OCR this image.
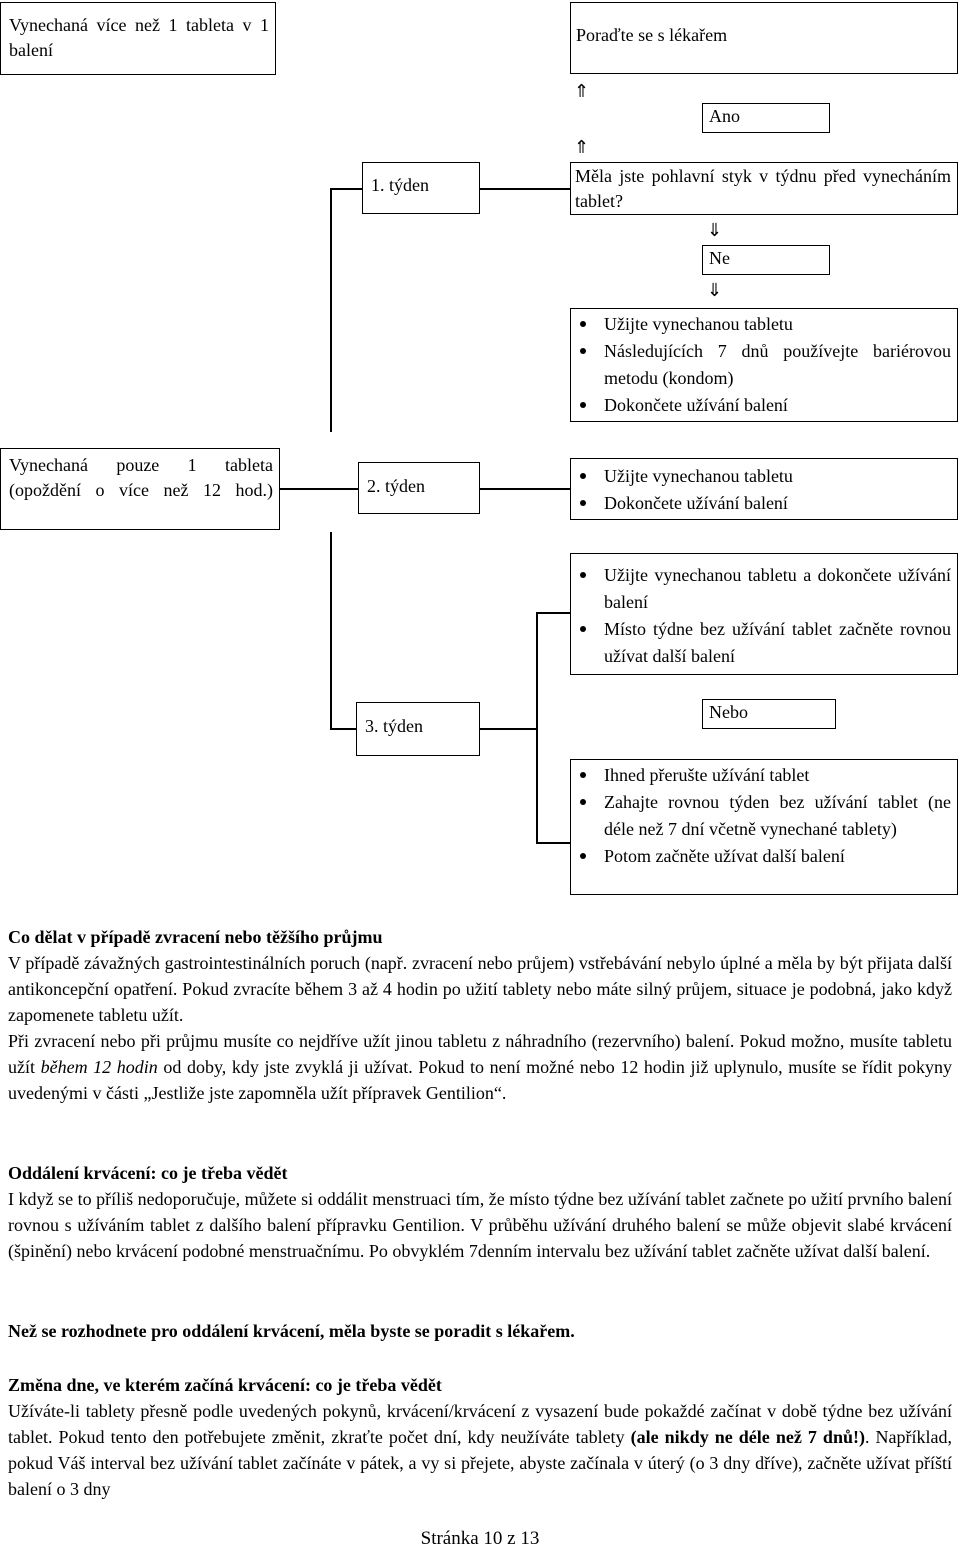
Vynechaná více než 1 tableta v 1 balení
Vynechaná pouze 1 tableta (opoždění o více než 12 hod.)
Poraďte se s lékařem
⇑
Ano
⇑
1. týden	Měla jste pohlavní styk v týdnu před vynecháním tablet?
⇓
Ne
⇓
Užijte vynechanou tabletu
Následujících 7 dnů používejte bariérovou metodu (kondom)
Dokončete užívání balení
2. týden	Užijte vynechanou tabletu
Dokončete užívání balení
Užijte vynechanou tabletu a dokončete užívání balení
Místo týdne bez užívání tablet začněte rovnou užívat další balení
3. týden
Nebo
Ihned přerušte užívání tablet
Zahajte rovnou týden bez užívání tablet (ne déle než 7 dní včetně vynechané tablety)
Potom začněte užívat další balení

Co dělat v případě zvracení nebo těžšího průjmu

V případě závažných gastrointestinálních poruch (např. zvracení nebo průjem) vstřebávání nebylo úplné a měla by být přijata další antikoncepční opatření. Pokud zvracíte během 3 až 4 hodin po užití tablety nebo máte silný průjem, situace je podobná, jako když zapomenete tabletu užít.

Při zvracení nebo při průjmu musíte co nejdříve užít jinou tabletu z náhradního (rezervního) balení. Pokud možno, musíte tabletu užít během 12 hodin od doby, kdy jste zvyklá ji užívat. Pokud to není možné nebo 12 hodin již uplynulo, musíte se řídit pokyny uvedenými v části „Jestliže jste zapomněla užít přípravek Gentilion“.

Oddálení krvácení: co je třeba vědět

I když se to příliš nedoporučuje, můžete si oddálit menstruaci tím, že místo týdne bez užívání tablet začnete po užití prvního balení rovnou s užíváním tablet z dalšího balení přípravku Gentilion. V průběhu užívání druhého balení se může objevit slabé krvácení (špinění) nebo krvácení podobné menstruačnímu. Po obvyklém 7denním intervalu bez užívání tablet začněte užívat další balení.

Než se rozhodnete pro oddálení krvácení, měla byste se poradit s lékařem.

Změna dne, ve kterém začíná krvácení: co je třeba vědět

Užíváte-li tablety přesně podle uvedených pokynů, krvácení/krvácení z vysazení bude pokaždé začínat v době týdne bez užívání tablet. Pokud tento den potřebujete změnit, zkraťte počet dní, kdy neužíváte tablety (ale nikdy ne déle než 7 dnů!). Například, pokud Váš interval bez užívání tablet začínáte v pátek, a vy si přejete, abyste začínala v úterý (o 3 dny dříve), začněte užívat příští balení o 3 dny

Stránka 10 z 13
